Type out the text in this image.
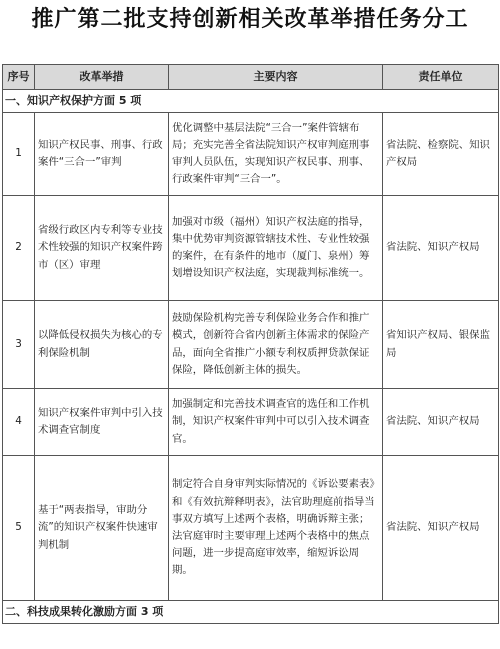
推广第二批支持创新相关改革举措任务分工
序号	改革举措	主要内容	责任单位
一、知识产权保护方面 5 项			
1	知识产权民事、刑事、行政案件“三合一”审判	优化调整中基层法院“三合一”案件管辖布局；充实完善全省法院知识产权审判庭刑事审判人员队伍，实现知识产权民事、刑事、行政案件审判“三合一”。	省法院、检察院、知识产权局
2	省级行政区内专利等专业技术性较强的知识产权案件跨市（区）审理	加强对市级（福州）知识产权法庭的指导，集中优势审判资源管辖技术性、专业性较强的案件，在有条件的地市（厦门、泉州）筹划增设知识产权法庭，实现裁判标准统一。	省法院、知识产权局
3	以降低侵权损失为核心的专利保险机制	鼓励保险机构完善专利保险业务合作和推广模式，创新符合省内创新主体需求的保险产品，面向全省推广小额专利权质押贷款保证保险，降低创新主体的损失。	省知识产权局、银保监局
4	知识产权案件审判中引入技术调查官制度	加强制定和完善技术调查官的选任和工作机制，知识产权案件审判中可以引入技术调查官。	省法院、知识产权局
5	基于“两表指导，审助分流”的知识产权案件快速审判机制	制定符合自身审判实际情况的《诉讼要素表》和《有效抗辩释明表》，法官助理庭前指导当事双方填写上述两个表格，明确诉辩主张；法官庭审时主要审理上述两个表格中的焦点问题，进一步提高庭审效率，缩短诉讼周期。	省法院、知识产权局
二、科技成果转化激励方面 3 项			
